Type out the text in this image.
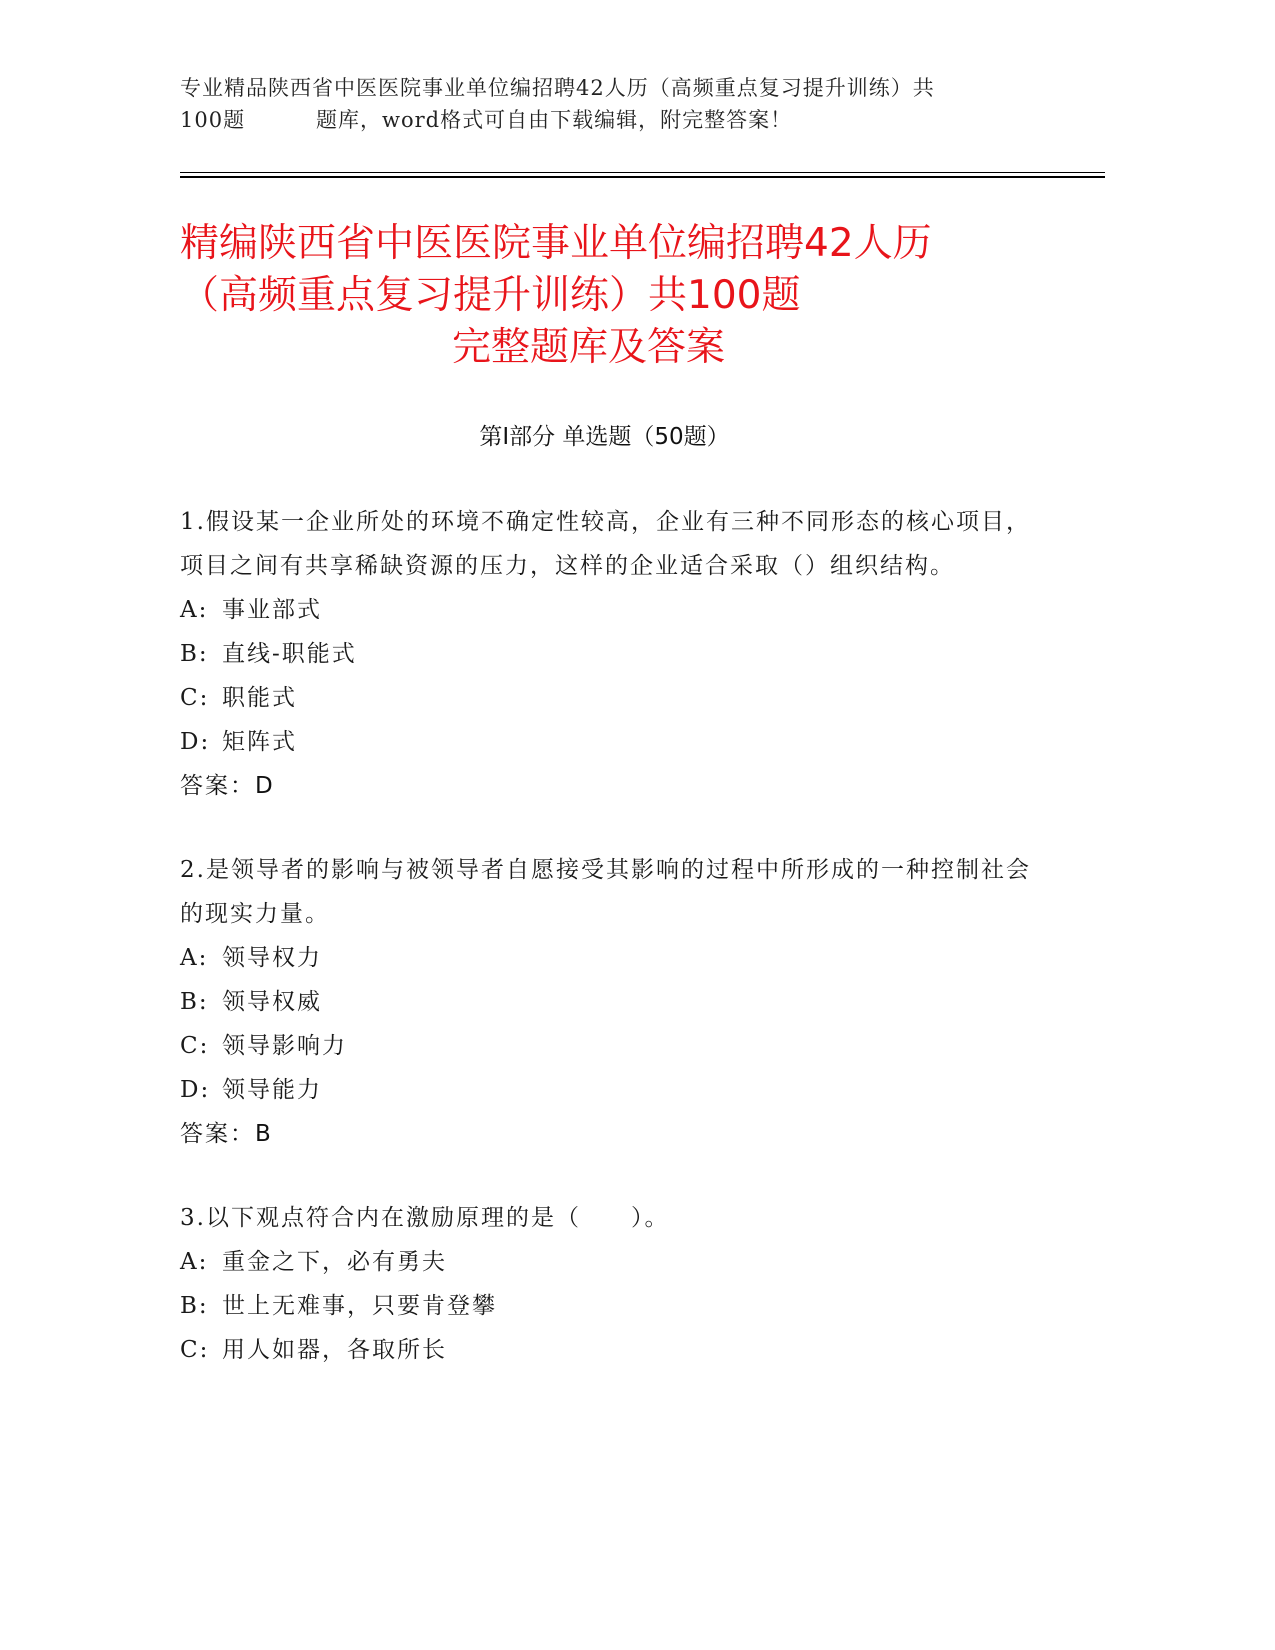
专业精品陕西省中医医院事业单位编招聘42人历（高频重点复习提升训练）共
100题	题库，word格式可自由下载编辑，附完整答案！
精编陕西省中医医院事业单位编招聘42人历
（高频重点复习提升训练）共100题
完整题库及答案
第Ⅰ部分 单选题（50题）

1.假设某一企业所处的环境不确定性较高，企业有三种不同形态的核心项目，项目之间有共享稀缺资源的压力，这样的企业适合采取（）组织结构。

A: 事业部式
B: 直线-职能式
C: 职能式
D: 矩阵式
答案：D

2.是领导者的影响与被领导者自愿接受其影响的过程中所形成的一种控制社会的现实力量。

A: 领导权力
B: 领导权威
C: 领导影响力
D: 领导能力
答案：B

3.以下观点符合内在激励原理的是（　　）。

A: 重金之下，必有勇夫
B: 世上无难事，只要肯登攀
C: 用人如器，各取所长
